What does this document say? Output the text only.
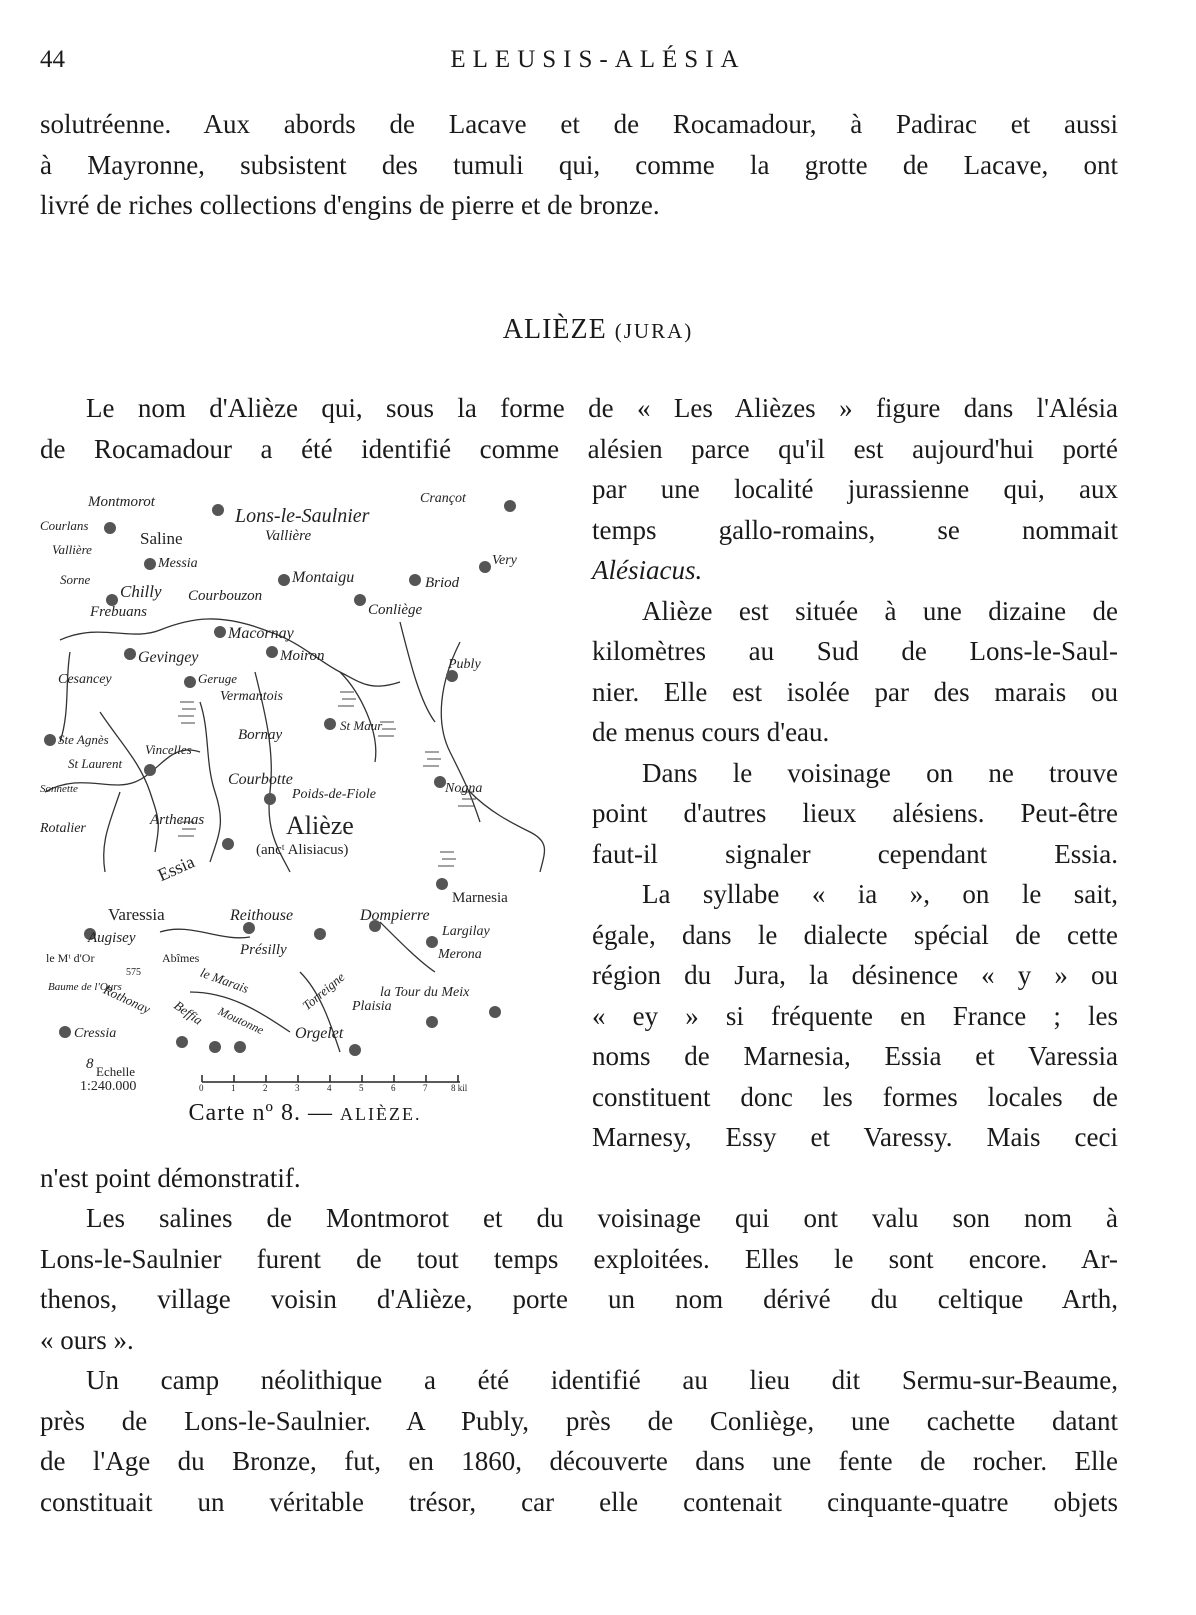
44	ELEUSIS-ALÉSIA

solutréenne. Aux abords de Lacave et de Rocamadour, à Padirac et aussi

à Mayronne, subsistent des tumuli qui, comme la grotte de Lacave, ont

livré de riches collections d'engins de pierre et de bronze.

ALIÈZE (JURA)

Le nom d'Alièze qui, sous la forme de « Les Alièzes » figure dans l'Alésia

de Rocamadour a été identifié comme alésien parce qu'il est aujourd'hui porté

par une localité jurassienne qui, aux

temps gallo-romains, se nommait

Alésiacus.

Alièze est située à une dizaine de

kilomètres au Sud de Lons-le-Saul-

nier. Elle est isolée par des marais ou

de menus cours d'eau.

Dans le voisinage on ne trouve

point d'autres lieux alésiens. Peut-être

faut-il signaler cependant Essia.

La syllabe « ia », on le sait,

égale, dans le dialecte spécial de cette

région du Jura, la désinence « y » ou

« ey » si fréquente en France ; les

noms de Marnesia, Essia et Varessia

constituent donc les formes locales de

Marnesy, Essy et Varessy. Mais ceci

Montmorot	Crançot
Lons-le-Saulnier
Courlans
Saline
Vallière
Vallière
Messia	Very
Sorne	Montaigu	Briod
Chilly Courbouzon
Frebuans	Conliège
Macornay
Gevingey	Moiron
Publy
Cesancey	Geruge
Vermantois
St Maur
Ste Agnès	Bornay
Vincelles
St Laurent
Sonnette
Courbotte
Poids-de-Fiole	Nogna
Arthenas
Rotalier	Alièze
(ancᵗ Alisiacus)
Essia
Marnesia
Varessia	Reithouse	Dompierre
Augisey	Largilay
Présilly	Merona
le Mᵗ d'Or	Abîmes
575	le Marais
Baume de l'Ours	Torreigne la Tour du Meix
Plaisia
Rothonay Beffia Moutonne
Cressia	Orgelet
8 Echelle
1:240.000	0	1	2	3	4	5	6	7	8 kil
Carte nº 8. — ALIÈZE.

n'est point démonstratif.

Les salines de Montmorot et du voisinage qui ont valu son nom à

Lons-le-Saulnier furent de tout temps exploitées. Elles le sont encore. Ar-

thenos, village voisin d'Alièze, porte un nom dérivé du celtique Arth,

« ours ».

Un camp néolithique a été identifié au lieu dit Sermu-sur-Beaume,

près de Lons-le-Saulnier. A Publy, près de Conliège, une cachette datant

de l'Age du Bronze, fut, en 1860, découverte dans une fente de rocher. Elle

constituait un véritable trésor, car elle contenait cinquante-quatre objets
